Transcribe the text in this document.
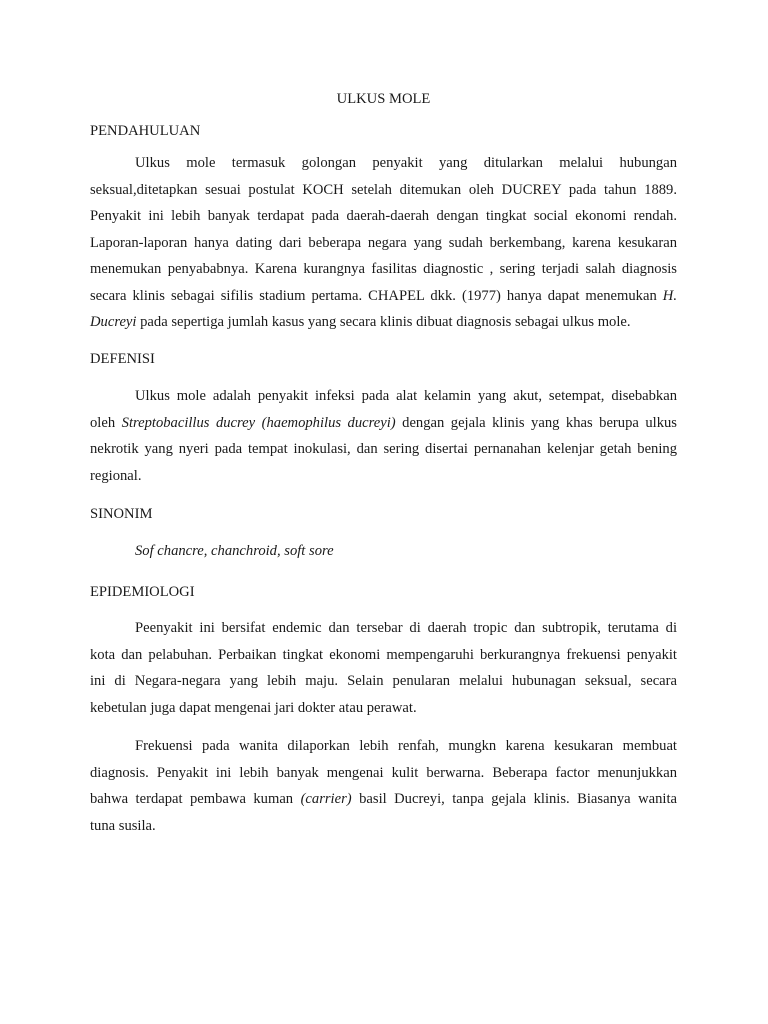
ULKUS MOLE
PENDAHULUAN
Ulkus mole termasuk golongan penyakit yang ditularkan melalui hubungan
seksual,ditetapkan sesuai postulat KOCH setelah ditemukan oleh DUCREY pada tahun 1889.
Penyakit ini lebih banyak terdapat pada daerah-daerah dengan tingkat social ekonomi rendah.
Laporan-laporan hanya dating dari beberapa negara yang sudah berkembang, karena kesukaran
menemukan penyababnya. Karena kurangnya fasilitas diagnostic , sering terjadi salah diagnosis
secara klinis sebagai sifilis stadium pertama. CHAPEL dkk. (1977) hanya dapat menemukan H.
Ducreyi pada sepertiga jumlah kasus yang secara klinis dibuat diagnosis sebagai ulkus mole.
DEFENISI
Ulkus mole adalah penyakit infeksi pada alat kelamin yang akut, setempat, disebabkan
oleh Streptobacillus ducrey (haemophilus ducreyi) dengan gejala klinis yang khas berupa ulkus
nekrotik yang nyeri pada tempat inokulasi, dan sering disertai pernanahan kelenjar getah bening
regional.
SINONIM
Sof chancre, chanchroid, soft sore
EPIDEMIOLOGI
Peenyakit ini bersifat endemic dan tersebar di daerah tropic dan subtropik, terutama di
kota dan pelabuhan. Perbaikan tingkat ekonomi mempengaruhi berkurangnya frekuensi penyakit
ini di Negara-negara yang lebih maju. Selain penularan melalui hubunagan seksual, secara
kebetulan juga dapat mengenai jari dokter atau perawat.
Frekuensi pada wanita dilaporkan lebih renfah, mungkn karena kesukaran membuat
diagnosis. Penyakit ini lebih banyak mengenai kulit berwarna. Beberapa factor menunjukkan
bahwa terdapat pembawa kuman (carrier) basil Ducreyi, tanpa gejala klinis. Biasanya wanita
tuna susila.
